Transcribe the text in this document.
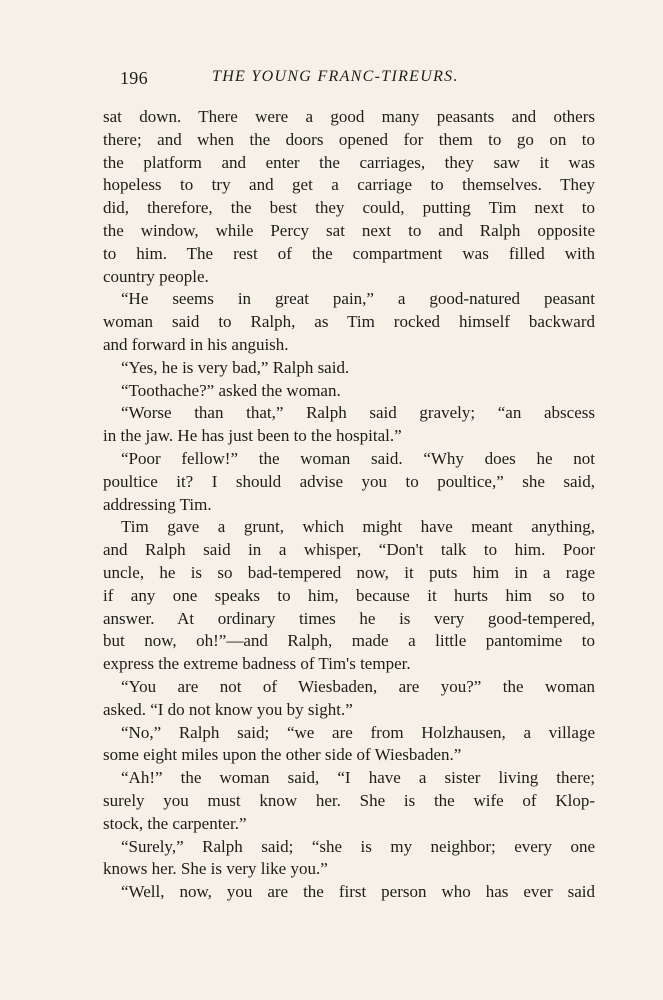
196	THE YOUNG FRANC-TIREURS.
sat down. There were a good many peasants and others
there; and when the doors opened for them to go on to
the platform and enter the carriages, they saw it was
hopeless to try and get a carriage to themselves. They
did, therefore, the best they could, putting Tim next to
the window, while Percy sat next to and Ralph opposite
to him. The rest of the compartment was filled with
country people.
“He seems in great pain,” a good-natured peasant
woman said to Ralph, as Tim rocked himself backward
and forward in his anguish.
“Yes, he is very bad,” Ralph said.
“Toothache?” asked the woman.
“Worse than that,” Ralph said gravely; “an abscess
in the jaw. He has just been to the hospital.”
“Poor fellow!” the woman said. “Why does he not
poultice it? I should advise you to poultice,” she said,
addressing Tim.
Tim gave a grunt, which might have meant anything,
and Ralph said in a whisper, “Don't talk to him. Poor
uncle, he is so bad-tempered now, it puts him in a rage
if any one speaks to him, because it hurts him so to
answer. At ordinary times he is very good-tempered,
but now, oh!”—and Ralph, made a little pantomime to
express the extreme badness of Tim's temper.
“You are not of Wiesbaden, are you?” the woman
asked. “I do not know you by sight.”
“No,” Ralph said; “we are from Holzhausen, a village
some eight miles upon the other side of Wiesbaden.”
“Ah!” the woman said, “I have a sister living there;
surely you must know her. She is the wife of Klop-
stock, the carpenter.”
“Surely,” Ralph said; “she is my neighbor; every one
knows her. She is very like you.”
“Well, now, you are the first person who has ever said
